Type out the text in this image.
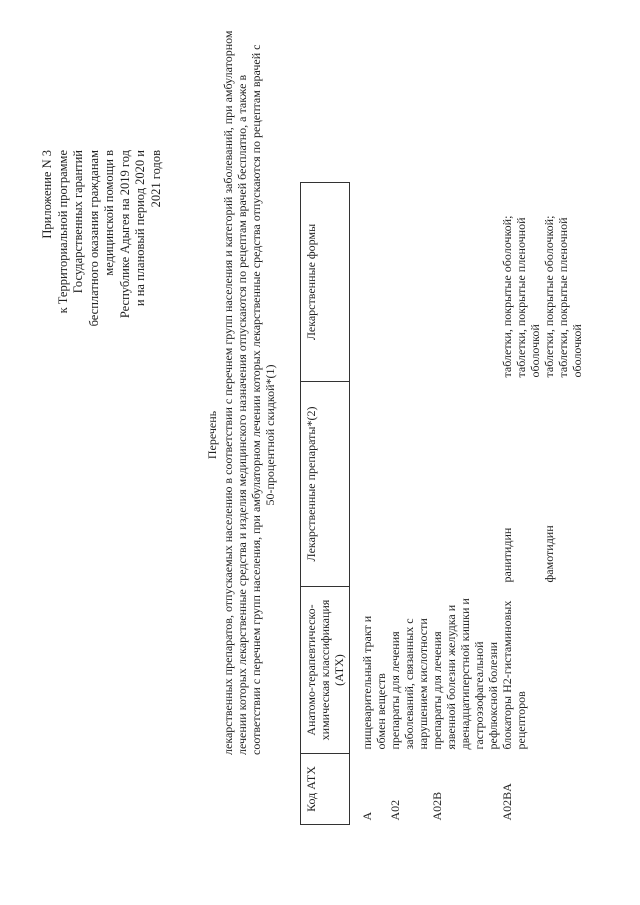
Приложение N 3 к Территориальной программе Государственных гарантий бесплатного оказания гражданам медицинской помощи в Республике Адыгея на 2019 год и на плановый период 2020 и 2021 годов
Перечень лекарственных препаратов, отпускаемых населению в соответствии с перечнем групп населения и категорий заболеваний, при амбулаторном лечении которых лекарственные средства и изделия медицинского назначения отпускаются по рецептам врачей бесплатно, а также в соответствии с перечнем групп населения, при амбулаторном лечении которых лекарственные средства отпускаются по рецептам врачей с 50-процентной скидкой*(1)
Код АТХ	Анатомо-терапевтическо-химическая классификация (АТХ)	Лекарственные препараты*(2)	Лекарственные формы

A	пищеварительный тракт и обмен веществ		
A02	препараты для лечения заболеваний, связанных с нарушением кислотности		
A02B	препараты для лечения язвенной болезни желудка и двенадцатиперстной кишки и гастроэзофагеальной рефлюксной болезни		
A02BA	блокаторы Н2-гистаминовых рецепторов	ранитидин	таблетки, покрытые оболочкой; таблетки, покрытые пленочной оболочкой

		фамотидин	таблетки, покрытые оболочкой; таблетки, покрытые пленочной оболочкой
